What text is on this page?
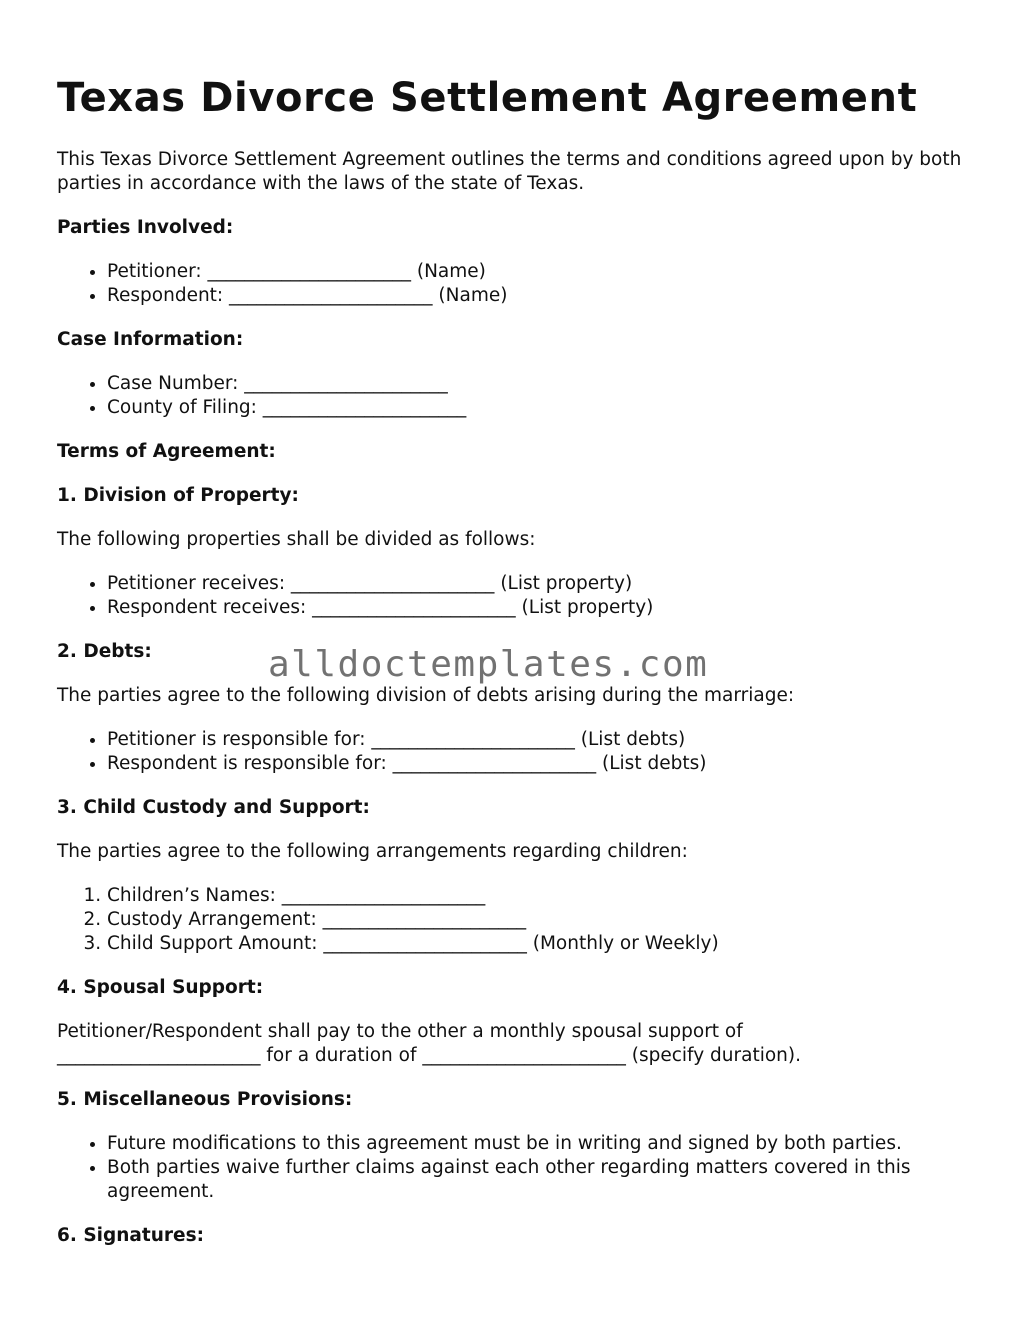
Texas Divorce Settlement Agreement

This Texas Divorce Settlement Agreement outlines the terms and conditions agreed upon by both parties in accordance with the laws of the state of Texas.

Parties Involved:

• Petitioner: ______________________ (Name)
• Respondent: ______________________ (Name)

Case Information:

• Case Number: ______________________
• County of Filing: ______________________

Terms of Agreement:

1. Division of Property:

The following properties shall be divided as follows:

• Petitioner receives: ______________________ (List property)
• Respondent receives: ______________________ (List property)

2. Debts:

The parties agree to the following division of debts arising during the marriage:

• Petitioner is responsible for: ______________________ (List debts)
• Respondent is responsible for: ______________________ (List debts)

3. Child Custody and Support:

The parties agree to the following arrangements regarding children:

1. Children’s Names: ______________________
2. Custody Arrangement: ______________________
3. Child Support Amount: ______________________ (Monthly or Weekly)

4. Spousal Support:

Petitioner/Respondent shall pay to the other a monthly spousal support of

______________________ for a duration of ______________________ (specify duration).

5. Miscellaneous Provisions:

• Future modifications to this agreement must be in writing and signed by both parties.
• Both parties waive further claims against each other regarding matters covered in this agreement.

6. Signatures:

alldoctemplates.com
